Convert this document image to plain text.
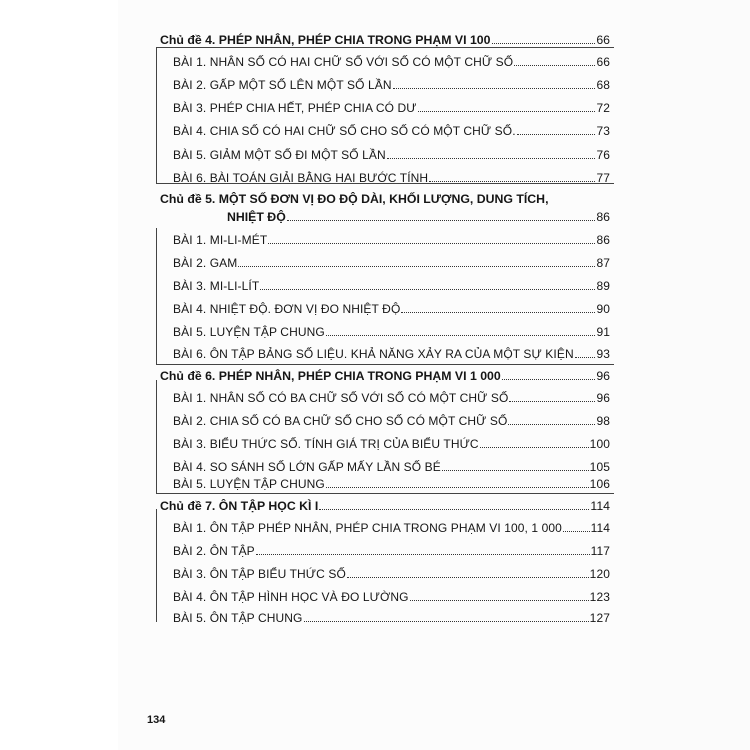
Chủ đề 4. PHÉP NHÂN, PHÉP CHIA TRONG PHẠM VI 100	66
BÀI 1. NHÂN SỐ CÓ HAI CHỮ SỐ VỚI SỐ CÓ MỘT CHỮ SỐ	66
BÀI 2. GẤP MỘT SỐ LÊN MỘT SỐ LẦN	68
BÀI 3. PHÉP CHIA HẾT, PHÉP CHIA CÓ DƯ	72
BÀI 4. CHIA SỐ CÓ HAI CHỮ SỐ CHO SỐ CÓ MỘT CHỮ SỐ.	73
BÀI 5. GIẢM MỘT SỐ ĐI MỘT SỐ LẦN	76
BÀI 6. BÀI TOÁN GIẢI BẰNG HAI BƯỚC TÍNH	77
Chủ đề 5. MỘT SỐ ĐƠN VỊ ĐO ĐỘ DÀI, KHỐI LƯỢNG, DUNG TÍCH,
NHIỆT ĐỘ	86
BÀI 1. MI-LI-MÉT	86
BÀI 2. GAM	87
BÀI 3. MI-LI-LÍT	89
BÀI 4. NHIỆT ĐỘ. ĐƠN VỊ ĐO NHIỆT ĐỘ	90
BÀI 5. LUYỆN TẬP CHUNG	91
BÀI 6. ÔN TẬP BẢNG SỐ LIỆU. KHẢ NĂNG XẢY RA CỦA MỘT SỰ KIỆN 93
Chủ đề 6. PHÉP NHÂN, PHÉP CHIA TRONG PHẠM VI 1 000	96
BÀI 1. NHÂN SỐ CÓ BA CHỮ SỐ VỚI SỐ CÓ MỘT CHỮ SỐ	96
BÀI 2. CHIA SỐ CÓ BA CHỮ SỐ CHO SỐ CÓ MỘT CHỮ SỐ	98
BÀI 3. BIỂU THỨC SỐ. TÍNH GIÁ TRỊ CỦA BIỂU THỨC	100
BÀI 4. SO SÁNH SỐ LỚN GẤP MẤY LẦN SỐ BÉ	105
BÀI 5. LUYỆN TẬP CHUNG	106
Chủ đề 7. ÔN TẬP HỌC KÌ I	114
BÀI 1. ÔN TẬP PHÉP NHÂN, PHÉP CHIA TRONG PHẠM VI 100, 1 000 114
BÀI 2. ÔN TẬP	117
BÀI 3. ÔN TẬP BIỂU THỨC SỐ	120
BÀI 4. ÔN TẬP HÌNH HỌC VÀ ĐO LƯỜNG	123
BÀI 5. ÔN TẬP CHUNG	127
134
